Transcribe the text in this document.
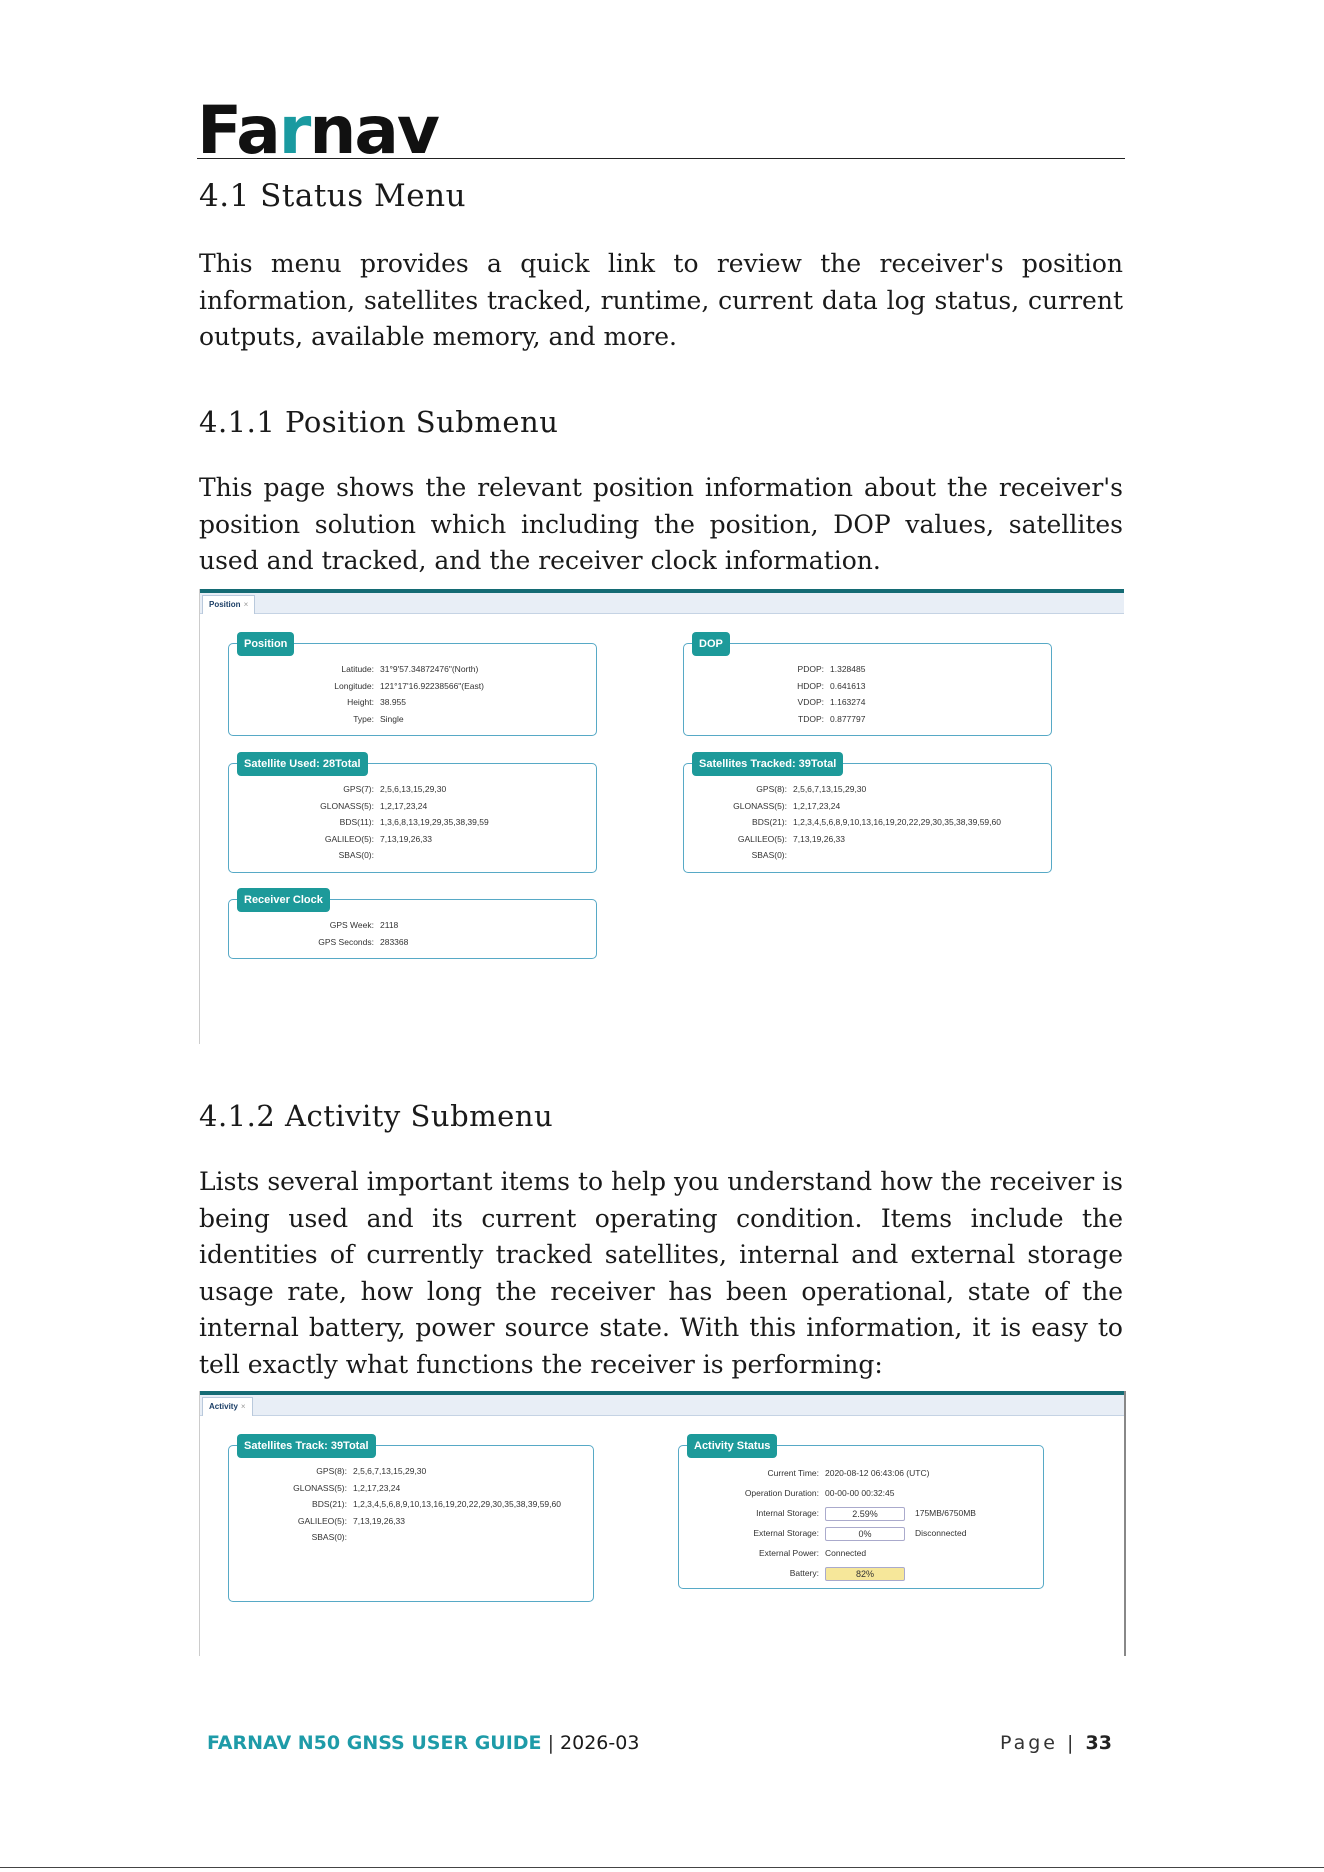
Farnav
4.1 Status Menu

This menu provides a quick link to review the receiver's position information, satellites tracked, runtime, current data log status, current outputs, available memory, and more.

4.1.1 Position Submenu

This page shows the relevant position information about the receiver's position solution which including the position, DOP values, satellites used and tracked, and the receiver clock information.

Position ×
Position
Latitude: 31°9'57.34872476"(North)
Longitude: 121°17'16.92238566"(East)
Height: 38.955
Type: Single
DOP
PDOP: 1.328485
HDOP: 0.641613
VDOP: 1.163274
TDOP: 0.877797
Satellite Used: 28Total
GPS(7): 2,5,6,13,15,29,30
GLONASS(5): 1,2,17,23,24
BDS(11): 1,3,6,8,13,19,29,35,38,39,59
GALILEO(5): 7,13,19,26,33
SBAS(0):
Satellites Tracked: 39Total
GPS(8): 2,5,6,7,13,15,29,30
GLONASS(5): 1,2,17,23,24
BDS(21): 1,2,3,4,5,6,8,9,10,13,16,19,20,22,29,30,35,38,39,59,60
GALILEO(5): 7,13,19,26,33
SBAS(0):
Receiver Clock
GPS Week: 2118
GPS Seconds: 283368
4.1.2 Activity Submenu

Lists several important items to help you understand how the receiver is being used and its current operating condition. Items include the identities of currently tracked satellites, internal and external storage usage rate, how long the receiver has been operational, state of the internal battery, power source state. With this information, it is easy to tell exactly what functions the receiver is performing:

Activity ×
Satellites Track: 39Total
GPS(8): 2,5,6,7,13,15,29,30
GLONASS(5): 1,2,17,23,24
BDS(21): 1,2,3,4,5,6,8,9,10,13,16,19,20,22,29,30,35,38,39,59,60
GALILEO(5): 7,13,19,26,33
SBAS(0):
Activity Status
Current Time: 2020-08-12 06:43:06 (UTC)
Operation Duration: 00-00-00 00:32:45
Internal Storage:	2.59%	175MB/6750MB
External Storage:	0%	Disconnected
External Power: Connected
Battery:	82%
FARNAV N50 GNSS USER GUIDE | 2026-03	Page | 33
